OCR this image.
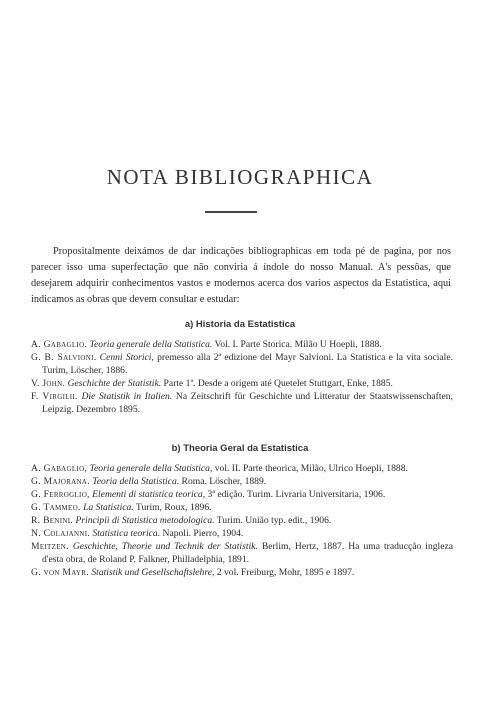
NOTA BIBLIOGRAPHICA

Propositalmente deixámos de dar indicações bibliographicas em toda pé de pagina, por nos parecer isso uma superfectação que não conviria á índole do nosso Manual. A's pessôas, que desejarem adquirir conhecimentos vastos e modernos acerca dos varios aspectos da Estatistica, aqui indicamos as obras que devem consultar e estudar:

a) Historia da Estatistica
A. Gabaglio. Teoria generale della Statistica. Vol. I. Parte Storica. Milão U Hoepli, 1888.
G. B. Salvioni. Cenni Storici, premesso alla 2ª edizione del Mayr Salvioni. La Statistica e la vita sociale. Turim, Löscher, 1886.
V. John. Geschichte der Statistik. Parte 1ª. Desde a origem até Quetelet Stuttgart, Enke, 1885.
F. Virgilii. Die Statistik in Italien. Na Zeitschrift für Geschichte und Litteratur der Staatswissenschaften, Leipzig. Dezembro 1895.
b) Theoria Geral da Estatistica
A. Gabaglio, Teoria generale della Statistica, vol. II. Parte theorica, Milão, Ulrico Hoepli, 1888.
G. Majorana. Teoria della Statistica. Roma. Löscher, 1889.
G. Ferroglio, Elementi di statistica teorica, 3ª edição. Turim. Livraria Universitaria, 1906.
G. Tammeo. La Statistica. Turim, Roux, 1896.
R. Benini. Principii di Statistica metodologica. Turim. União typ. edit., 1906.
N. Colajanni. Statistica teorica. Napoli. Pierro, 1904.
Meitzen. Geschichte, Theorie und Technik der Statistik. Berlim, Hertz, 1887. Ha uma traducção ingleza d'esta obra, de Roland P. Falkner, Philladelphia, 1891.
G. von Mayr. Statistik und Gesellschaftslehre, 2 vol. Freiburg, Mohr, 1895 e 1897.
